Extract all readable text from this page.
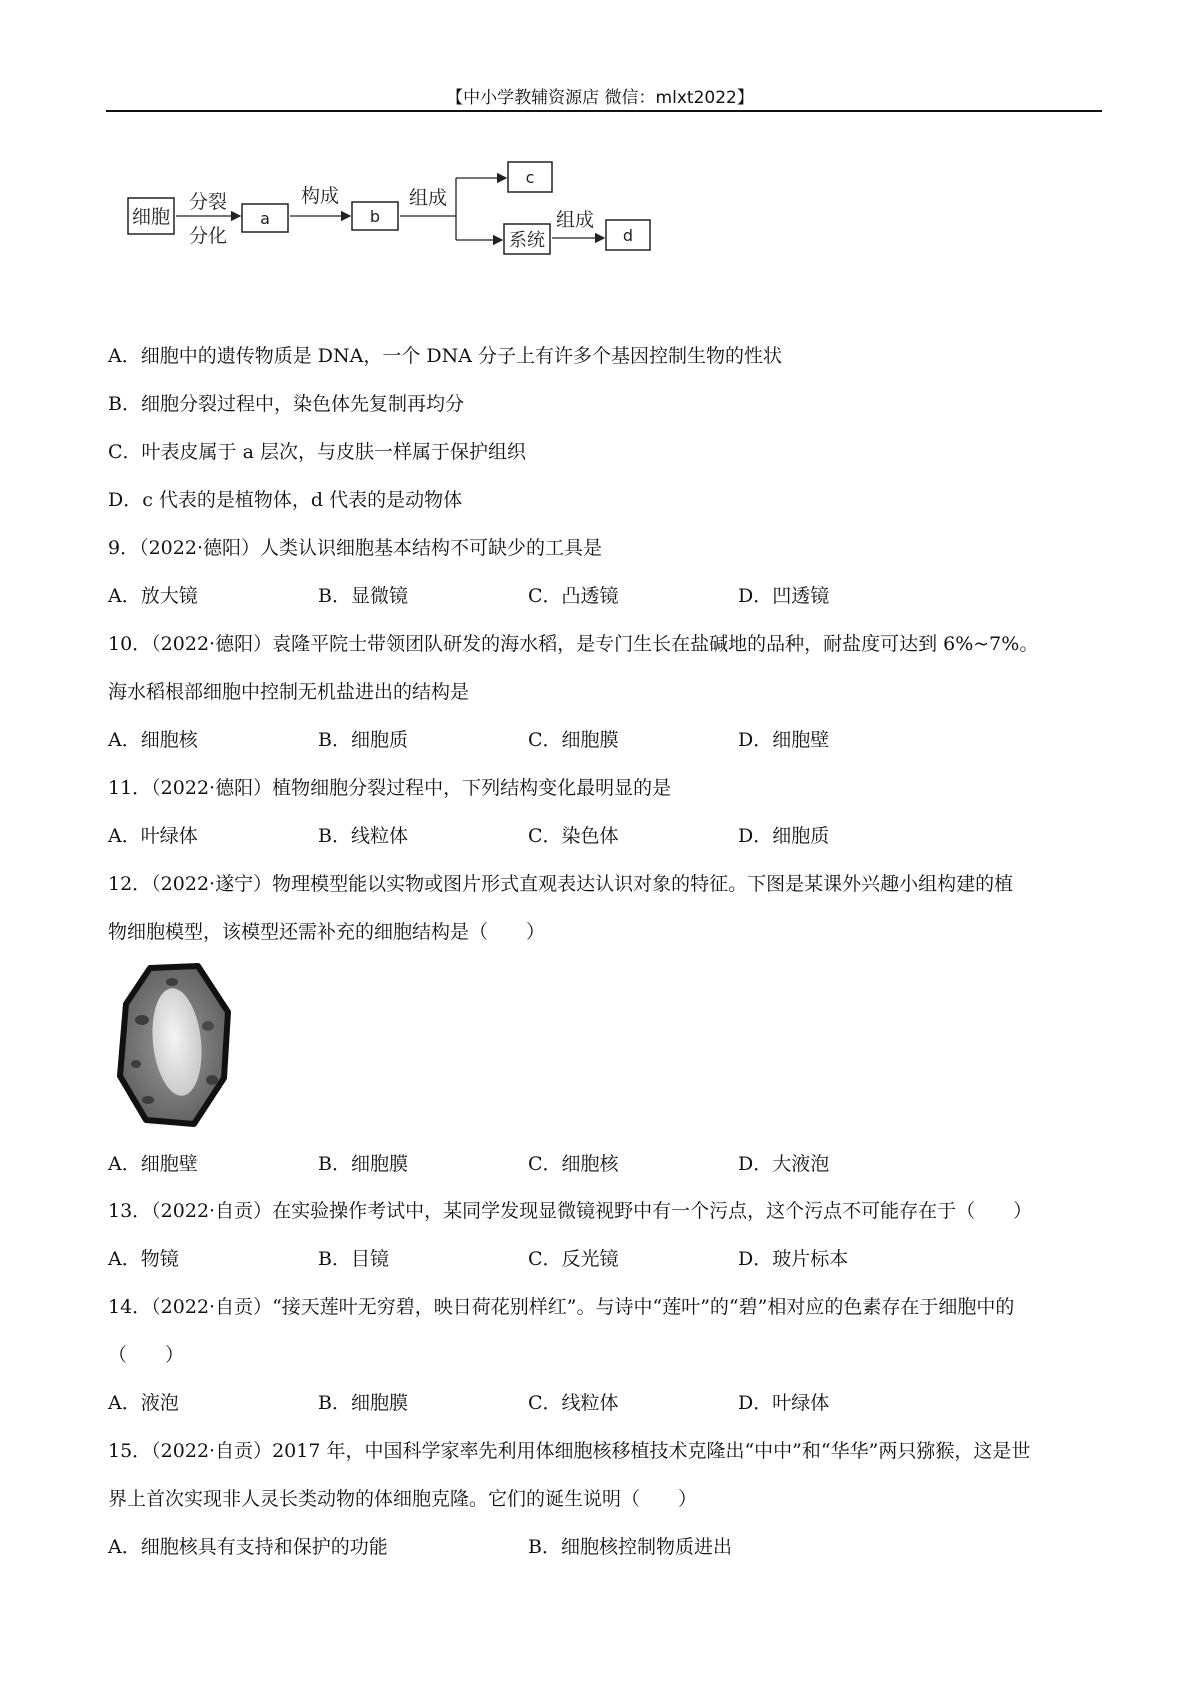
【中小学教辅资源店 微信：mlxt2022】
细胞
分裂
分化
a
构成
b
组成
c
系统
组成
d
A．细胞中的遗传物质是 DNA，一个 DNA 分子上有许多个基因控制生物的性状
B．细胞分裂过程中，染色体先复制再均分
C．叶表皮属于 a 层次，与皮肤一样属于保护组织
D．c 代表的是植物体，d 代表的是动物体
9．（2022·德阳）人类认识细胞基本结构不可缺少的工具是
A．放大镜	B．显微镜	C．凸透镜	D．凹透镜
10．（2022·德阳）袁隆平院士带领团队研发的海水稻，是专门生长在盐碱地的品种，耐盐度可达到 6%~7%。
海水稻根部细胞中控制无机盐进出的结构是
A．细胞核	B．细胞质	C．细胞膜	D．细胞壁
11．（2022·德阳）植物细胞分裂过程中，下列结构变化最明显的是
A．叶绿体	B．线粒体	C．染色体	D．细胞质
12．（2022·遂宁）物理模型能以实物或图片形式直观表达认识对象的特征。下图是某课外兴趣小组构建的植
物细胞模型，该模型还需补充的细胞结构是（　　）
A．细胞壁	B．细胞膜	C．细胞核	D．大液泡
13．（2022·自贡）在实验操作考试中，某同学发现显微镜视野中有一个污点，这个污点不可能存在于（　　）
A．物镜	B．目镜	C．反光镜	D．玻片标本
14．（2022·自贡）“接天莲叶无穷碧，映日荷花别样红”。与诗中“莲叶”的“碧”相对应的色素存在于细胞中的
（　　）
A．液泡	B．细胞膜	C．线粒体	D．叶绿体
15．（2022·自贡）2017 年，中国科学家率先利用体细胞核移植技术克隆出“中中”和“华华”两只猕猴，这是世
界上首次实现非人灵长类动物的体细胞克隆。它们的诞生说明（　　）
A．细胞核具有支持和保护的功能	B．细胞核控制物质进出
